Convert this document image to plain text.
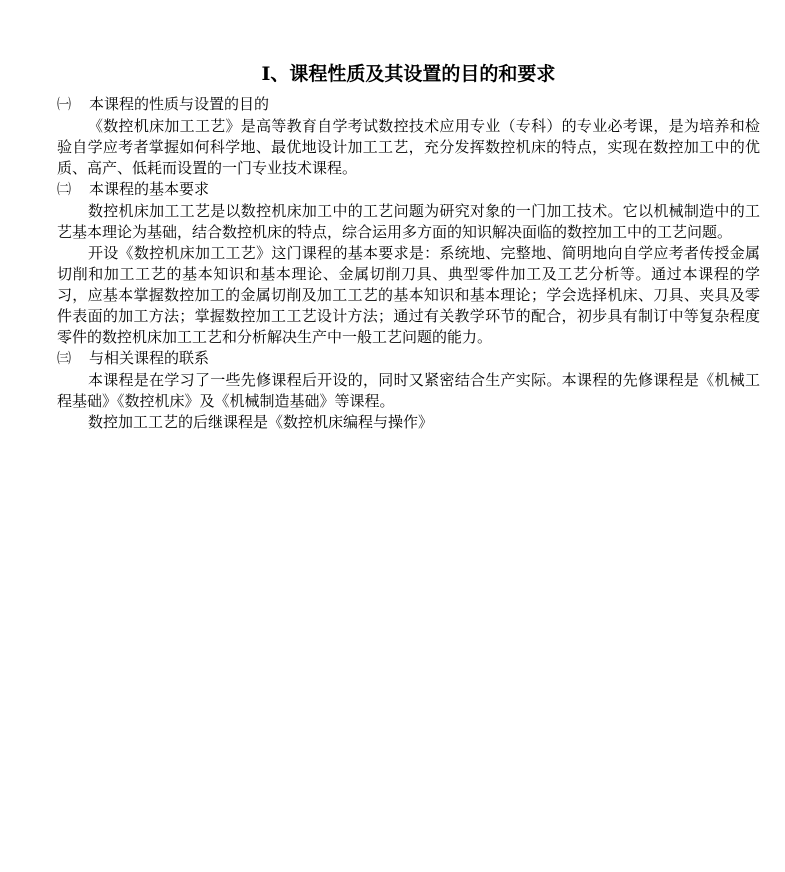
I、课程性质及其设置的目的和要求
㈠	本课程的性质与设置的目的

《数控机床加工工艺》是高等教育自学考试数控技术应用专业（专科）的专业必考课，是为培养和检验自学应考者掌握如何科学地、最优地设计加工工艺，充分发挥数控机床的特点，实现在数控加工中的优质、高产、低耗而设置的一门专业技术课程。

㈡	本课程的基本要求

数控机床加工工艺是以数控机床加工中的工艺问题为研究对象的一门加工技术。它以机械制造中的工艺基本理论为基础，结合数控机床的特点，综合运用多方面的知识解决面临的数控加工中的工艺问题。

开设《数控机床加工工艺》这门课程的基本要求是：系统地、完整地、简明地向自学应考者传授金属切削和加工工艺的基本知识和基本理论、金属切削刀具、典型零件加工及工艺分析等。通过本课程的学习，应基本掌握数控加工的金属切削及加工工艺的基本知识和基本理论；学会选择机床、刀具、夹具及零件表面的加工方法；掌握数控加工工艺设计方法；通过有关教学环节的配合，初步具有制订中等复杂程度零件的数控机床加工工艺和分析解决生产中一般工艺问题的能力。

㈢	与相关课程的联系

本课程是在学习了一些先修课程后开设的，同时又紧密结合生产实际。本课程的先修课程是《机械工程基础》《数控机床》及《机械制造基础》等课程。

数控加工工艺的后继课程是《数控机床编程与操作》
